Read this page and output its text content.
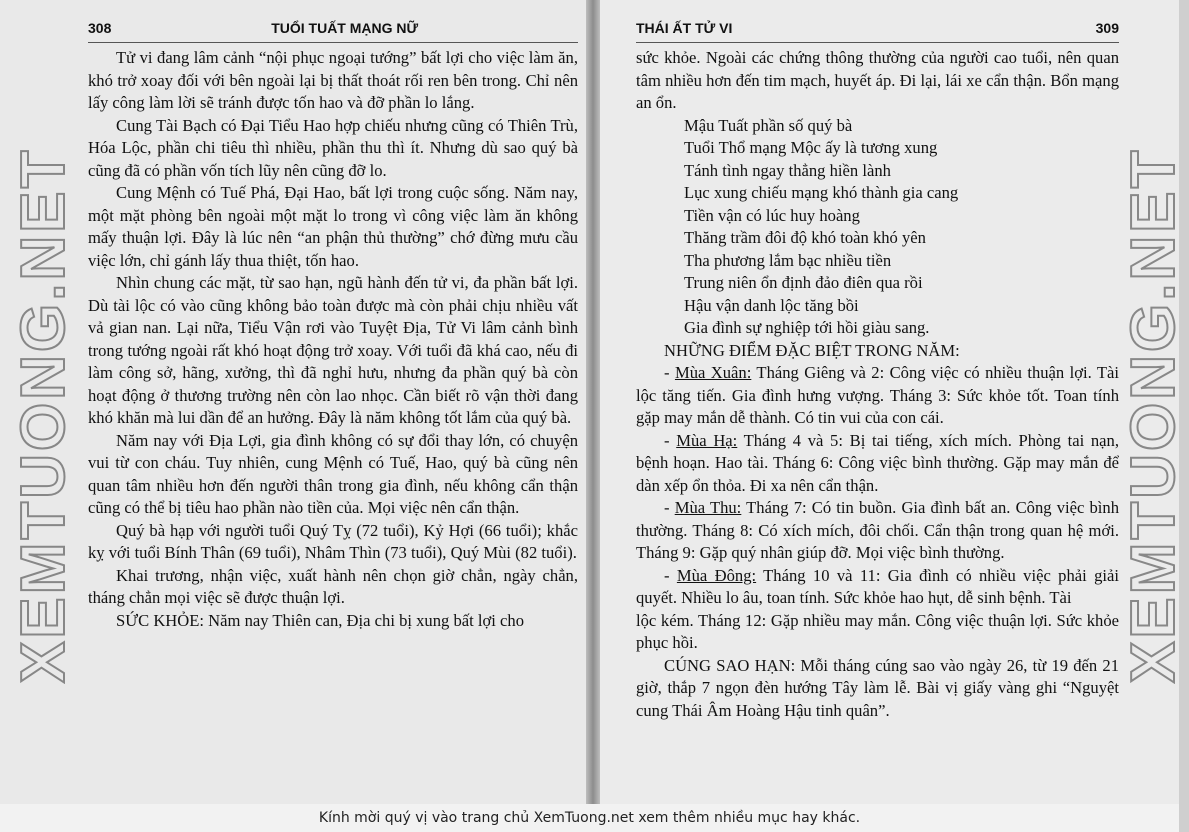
308	TUỔI TUẤT MẠNG NỮ

Tử vi đang lâm cảnh “nội phục ngoại tướng” bất lợi cho việc làm ăn, khó trở xoay đối với bên ngoài lại bị thất thoát rối ren bên trong. Chỉ nên lấy công làm lời sẽ tránh được tốn hao và đỡ phần lo lắng.

Cung Tài Bạch có Đại Tiểu Hao hợp chiếu nhưng cũng có Thiên Trù, Hóa Lộc, phần chi tiêu thì nhiều, phần thu thì ít. Nhưng dù sao quý bà cũng đã có phần vốn tích lũy nên cũng đỡ lo.

Cung Mệnh có Tuế Phá, Đại Hao, bất lợi trong cuộc sống. Năm nay, một mặt phòng bên ngoài một mặt lo trong vì công việc làm ăn không mấy thuận lợi. Đây là lúc nên “an phận thủ thường” chớ đừng mưu cầu việc lớn, chỉ gánh lấy thua thiệt, tốn hao.

Nhìn chung các mặt, từ sao hạn, ngũ hành đến tử vi, đa phần bất lợi. Dù tài lộc có vào cũng không bảo toàn được mà còn phải chịu nhiều vất vả gian nan. Lại nữa, Tiểu Vận rơi vào Tuyệt Địa, Tử Vi lâm cảnh bình trong tướng ngoài rất khó hoạt động trở xoay. Với tuổi đã khá cao, nếu đi làm công sở, hãng, xưởng, thì đã nghỉ hưu, nhưng đa phần quý bà còn hoạt động ở thương trường nên còn lao nhọc. Cần biết rõ vận thời đang khó khăn mà lui dần để an hưởng. Đây là năm không tốt lắm của quý bà.

Năm nay với Địa Lợi, gia đình không có sự đổi thay lớn, có chuyện vui từ con cháu. Tuy nhiên, cung Mệnh có Tuế, Hao, quý bà cũng nên quan tâm nhiều hơn đến người thân trong gia đình, nếu không cẩn thận cũng có thể bị tiêu hao phần nào tiền của. Mọi việc nên cẩn thận.

Quý bà hạp với người tuổi Quý Tỵ (72 tuổi), Kỷ Hợi (66 tuổi); khắc kỵ với tuổi Bính Thân (69 tuổi), Nhâm Thìn (73 tuổi), Quý Mùi (82 tuổi).

Khai trương, nhận việc, xuất hành nên chọn giờ chẳn, ngày chẳn, tháng chẳn mọi việc sẽ được thuận lợi.

SỨC KHỎE: Năm nay Thiên can, Địa chi bị xung bất lợi cho

THÁI ẤT TỬ VI	309

sức khỏe. Ngoài các chứng thông thường của người cao tuổi, nên quan tâm nhiều hơn đến tim mạch, huyết áp. Đi lại, lái xe cẩn thận. Bổn mạng an ổn.

Mậu Tuất phần số quý bà

Tuổi Thổ mạng Mộc ấy là tương xung

Tánh tình ngay thẳng hiền lành

Lục xung chiếu mạng khó thành gia cang

Tiền vận có lúc huy hoàng

Thăng trầm đôi độ khó toàn khó yên

Tha phương lắm bạc nhiều tiền

Trung niên ổn định đảo điên qua rồi

Hậu vận danh lộc tăng bồi

Gia đình sự nghiệp tới hồi giàu sang.

NHỮNG ĐIỂM ĐẶC BIỆT TRONG NĂM:

- Mùa Xuân: Tháng Giêng và 2: Công việc có nhiều thuận lợi. Tài lộc tăng tiến. Gia đình hưng vượng. Tháng 3: Sức khỏe tốt. Toan tính gặp may mắn dễ thành. Có tin vui của con cái.

- Mùa Hạ: Tháng 4 và 5: Bị tai tiếng, xích mích. Phòng tai nạn, bệnh hoạn. Hao tài. Tháng 6: Công việc bình thường. Gặp may mắn để dàn xếp ổn thỏa. Đi xa nên cẩn thận.

- Mùa Thu: Tháng 7: Có tin buồn. Gia đình bất an. Công việc bình thường. Tháng 8: Có xích mích, đôi chối. Cẩn thận trong quan hệ mới. Tháng 9: Gặp quý nhân giúp đỡ. Mọi việc bình thường.

- Mùa Đông: Tháng 10 và 11: Gia đình có nhiều việc phải giải quyết. Nhiều lo âu, toan tính. Sức khỏe hao hụt, dễ sinh bệnh. Tài

lộc kém. Tháng 12: Gặp nhiều may mắn. Công việc thuận lợi. Sức khỏe phục hồi.

CÚNG SAO HẠN: Mỗi tháng cúng sao vào ngày 26, từ 19 đến 21 giờ, thắp 7 ngọn đèn hướng Tây làm lễ. Bài vị giấy vàng ghi “Nguyệt cung Thái Âm Hoàng Hậu tinh quân”.

XEMTUONG.NET	XEMTUONG.NET
Kính mời quý vị vào trang chủ XemTuong.net xem thêm nhiều mục hay khác.
